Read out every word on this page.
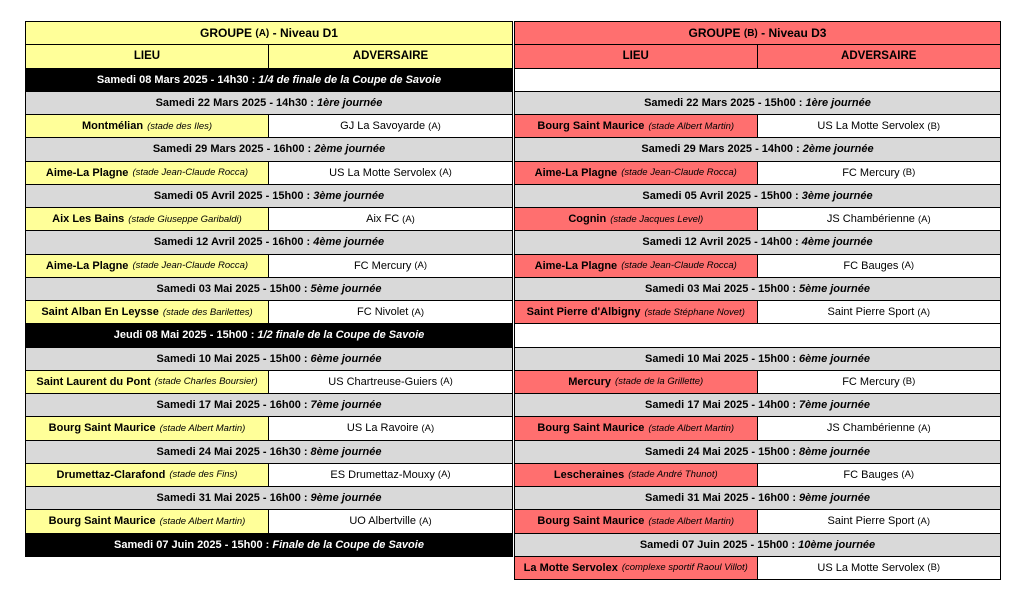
GROUPE
(A)
- Niveau D1
LIEU	ADVERSAIRE
Samedi 08 Mars 2025 - 14h30 : 1/4 de finale de la Coupe de Savoie
Samedi 22 Mars 2025 - 14h30 : 1ère journée
Montmélian (stade des Iles)	GJ La Savoyarde (A)
Samedi 29 Mars 2025 - 16h00 : 2ème journée
Aime-La Plagne (stade Jean-Claude Rocca)	US La Motte Servolex (A)
Samedi 05 Avril 2025 - 15h00 : 3ème journée
Aix Les Bains (stade Giuseppe Garibaldi)	Aix FC (A)
Samedi 12 Avril 2025 - 16h00 : 4ème journée
Aime-La Plagne (stade Jean-Claude Rocca)	FC Mercury (A)
Samedi 03 Mai 2025 - 15h00 : 5ème journée
Saint Alban En Leysse (stade des Barilettes)	FC Nivolet (A)
Jeudi 08 Mai 2025 - 15h00 : 1/2 finale de la Coupe de Savoie
Samedi 10 Mai 2025 - 15h00 : 6ème journée
Saint Laurent du Pont (stade Charles Boursier)	US Chartreuse-Guiers (A)
Samedi 17 Mai 2025 - 16h00 : 7ème journée
Bourg Saint Maurice (stade Albert Martin)	US La Ravoire (A)
Samedi 24 Mai 2025 - 16h30 : 8ème journée
Drumettaz-Clarafond (stade des Fins)	ES Drumettaz-Mouxy (A)
Samedi 31 Mai 2025 - 16h00 : 9ème journée
Bourg Saint Maurice (stade Albert Martin)	UO Albertville (A)
Samedi 07 Juin 2025 - 15h00 : Finale de la Coupe de Savoie
GROUPE
(B)
- Niveau D3
LIEU	ADVERSAIRE

Samedi 22 Mars 2025 - 15h00 : 1ère journée
Bourg Saint Maurice (stade Albert Martin)	US La Motte Servolex (B)
Samedi 29 Mars 2025 - 14h00 : 2ème journée
Aime-La Plagne (stade Jean-Claude Rocca)	FC Mercury (B)
Samedi 05 Avril 2025 - 15h00 : 3ème journée
Cognin (stade Jacques Level)	JS Chambérienne (A)
Samedi 12 Avril 2025 - 14h00 : 4ème journée
Aime-La Plagne (stade Jean-Claude Rocca)	FC Bauges (A)
Samedi 03 Mai 2025 - 15h00 : 5ème journée
Saint Pierre d'Albigny (stade Stéphane Novet)	Saint Pierre Sport (A)

Samedi 10 Mai 2025 - 15h00 : 6ème journée
Mercury (stade de la Grillette)	FC Mercury (B)
Samedi 17 Mai 2025 - 14h00 : 7ème journée
Bourg Saint Maurice (stade Albert Martin)	JS Chambérienne (A)
Samedi 24 Mai 2025 - 15h00 : 8ème journée
Lescheraines (stade André Thunot)	FC Bauges (A)
Samedi 31 Mai 2025 - 16h00 : 9ème journée
Bourg Saint Maurice (stade Albert Martin)	Saint Pierre Sport (A)
Samedi 07 Juin 2025 - 15h00 : 10ème journée
La Motte Servolex (complexe sportif Raoul Villot)	US La Motte Servolex (B)
